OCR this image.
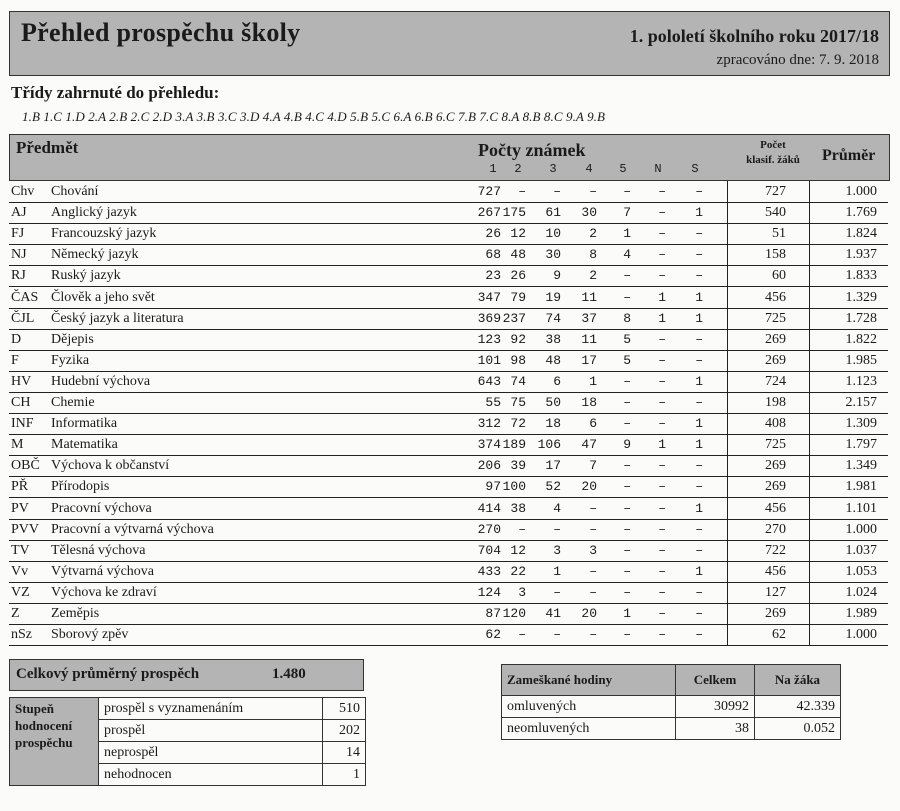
Přehled prospěchu školy	1. pololetí školního roku 2017/18
zpracováno dne: 7. 9. 2018
Třídy zahrnuté do přehledu:
1.B 1.C 1.D 2.A 2.B 2.C 2.D 3.A 3.B 3.C 3.D 4.A 4.B 4.C 4.D 5.B 5.C 6.A 6.B 6.C 7.B 7.C 8.A 8.B 8.C 9.A 9.B
Předmět	Počty známek	Počet
klasif. žáků	Průměr
1	2	3	4	5	N	S
Chv Chování	727	–	–	–	–	–	–	727	1.000
AJ Anglický jazyk	267 175	61	30	7	–	1	540	1.769
FJ Francouzský jazyk	26 12	10	2	1	–	–	51	1.824
NJ Německý jazyk	68 48	30	8	4	–	–	158	1.937
RJ Ruský jazyk	23 26	9	2	–	–	–	60	1.833
ČAS Člověk a jeho svět	347 79	19	11	–	1	1	456	1.329
ČJL Český jazyk a literatura	369 237	74	37	8	1	1	725	1.728
D Dějepis	123 92	38	11	5	–	–	269	1.822
F Fyzika	101 98	48	17	5	–	–	269	1.985
HV Hudební výchova	643 74	6	1	–	–	1	724	1.123
CH Chemie	55 75	50	18	–	–	–	198	2.157
INF Informatika	312 72	18	6	–	–	1	408	1.309
M Matematika	374 189 106	47	9	1	1	725	1.797
OBČ Výchova k občanství	206 39	17	7	–	–	–	269	1.349
PŘ Přírodopis	97 100	52	20	–	–	–	269	1.981
PV Pracovní výchova	414 38	4	–	–	–	1	456	1.101
PVV Pracovní a výtvarná výchova	270	–	–	–	–	–	–	270	1.000
TV Tělesná výchova	704 12	3	3	–	–	–	722	1.037
Vv Výtvarná výchova	433 22	1	–	–	–	1	456	1.053
VZ Výchova ke zdraví	124	3	–	–	–	–	–	127	1.024
Z Zeměpis	87 120	41	20	1	–	–	269	1.989
nSz Sborový zpěv	62	–	–	–	–	–	–	62	1.000
Celkový průměrný prospěch	1.480
Stupeň hodnocení prospěchu	prospěl s vyznamenáním	510
	prospěl	202
	neprospěl	14
	nehodnocen	1
Zameškané hodiny	Celkem	Na žáka
omluvených	30992	42.339
neomluvených	38	0.052
